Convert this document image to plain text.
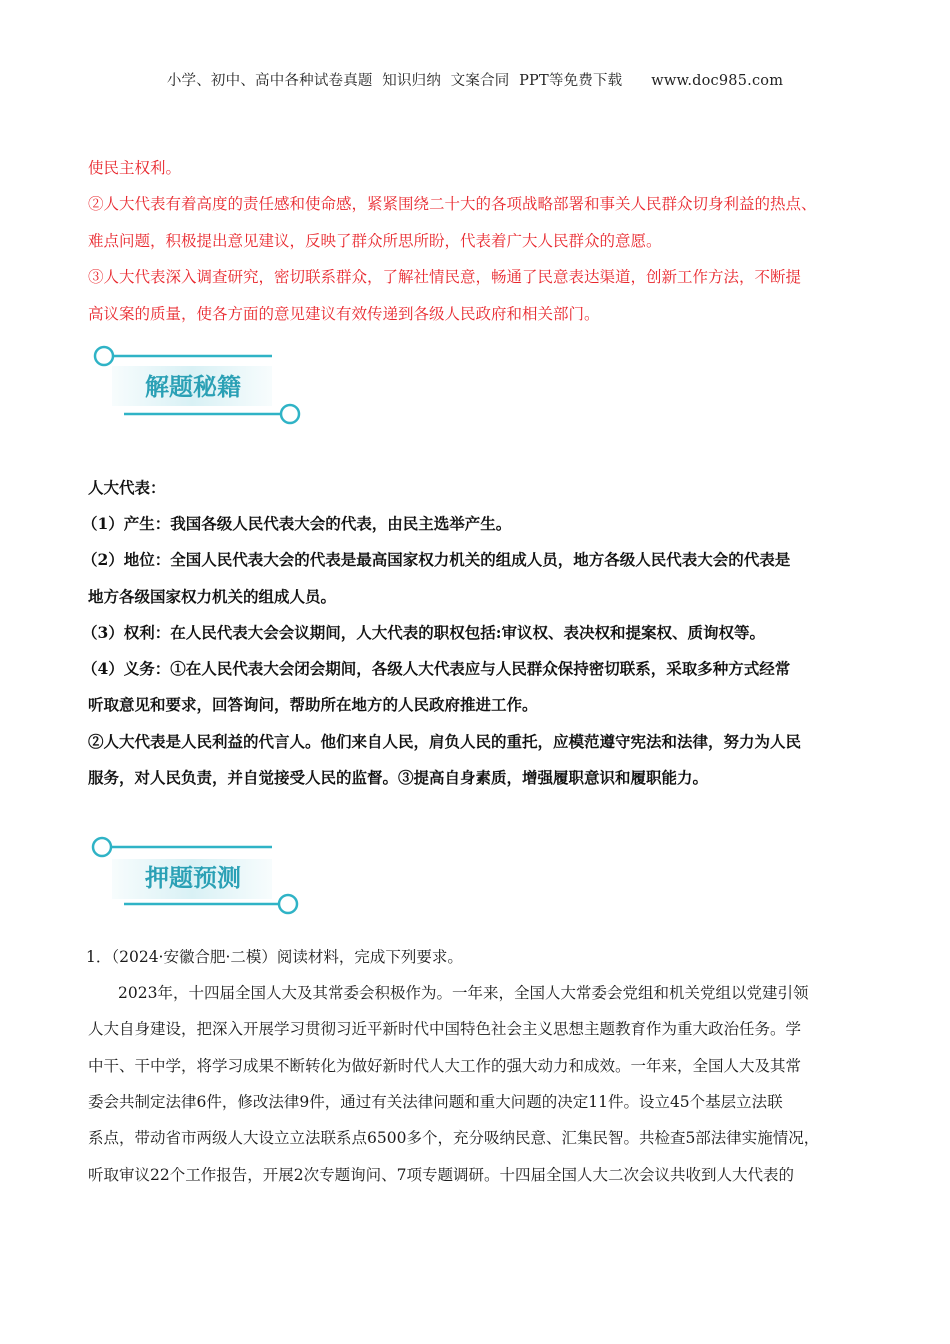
小学、初中、高中各种试卷真题  知识归纳  文案合同  PPT等免费下载      www.doc985.com
使民主权利。
②人大代表有着高度的责任感和使命感，紧紧围绕二十大的各项战略部署和事关人民群众切身利益的热点、
难点问题，积极提出意见建议，反映了群众所思所盼，代表着广大人民群众的意愿。
③人大代表深入调查研究，密切联系群众，了解社情民意，畅通了民意表达渠道，创新工作方法，不断提
高议案的质量，使各方面的意见建议有效传递到各级人民政府和相关部门。
解题秘籍
人大代表：
（1）产生：我国各级人民代表大会的代表，由民主选举产生。
（2）地位：全国人民代表大会的代表是最高国家权力机关的组成人员，地方各级人民代表大会的代表是
地方各级国家权力机关的组成人员。
（3）权利：在人民代表大会会议期间，人大代表的职权包括:审议权、表决权和提案权、质询权等。
（4）义务：①在人民代表大会闭会期间，各级人大代表应与人民群众保持密切联系，采取多种方式经常
听取意见和要求，回答询问，帮助所在地方的人民政府推进工作。
②人大代表是人民利益的代言人。他们来自人民，肩负人民的重托，应模范遵守宪法和法律，努力为人民
服务，对人民负责，并自觉接受人民的监督。③提高自身素质，增强履职意识和履职能力。
押题预测
1．（2024·安徽合肥·二模）阅读材料，完成下列要求。
2023年，十四届全国人大及其常委会积极作为。一年来，全国人大常委会党组和机关党组以党建引领
人大自身建设，把深入开展学习贯彻习近平新时代中国特色社会主义思想主题教育作为重大政治任务。学
中干、干中学，将学习成果不断转化为做好新时代人大工作的强大动力和成效。一年来，全国人大及其常
委会共制定法律6件，修改法律9件，通过有关法律问题和重大问题的决定11件。设立45个基层立法联
系点，带动省市两级人大设立立法联系点6500多个，充分吸纳民意、汇集民智。共检查5部法律实施情况，
听取审议22个工作报告，开展2次专题询问、7项专题调研。十四届全国人大二次会议共收到人大代表的
